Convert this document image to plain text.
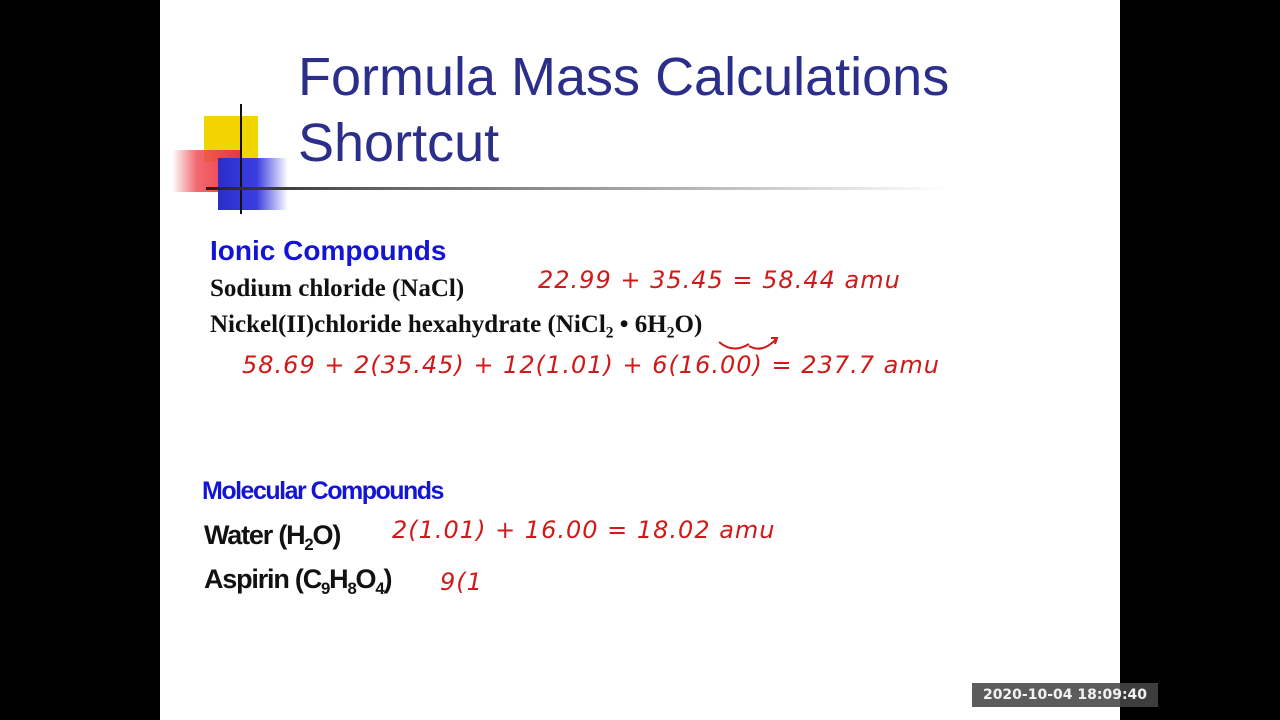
Formula Mass Calculations
Shortcut
Ionic Compounds
Sodium chloride (NaCl)
Nickel(II)chloride hexahydrate (NiCl$_2$ • $6H_2O$)
22.99 + 35.45 = 58.44 amu
58.69 + 2(35.45) + 12(1.01) + 6(16.00) = 237.7 amu
Molecular Compounds
Water $(H_2O) 2(1.01) + 16.00 = 18.02$ amu
Aspirin $(C_9H_8O_4)$ 9(1
2020-10-04 18:09:40
